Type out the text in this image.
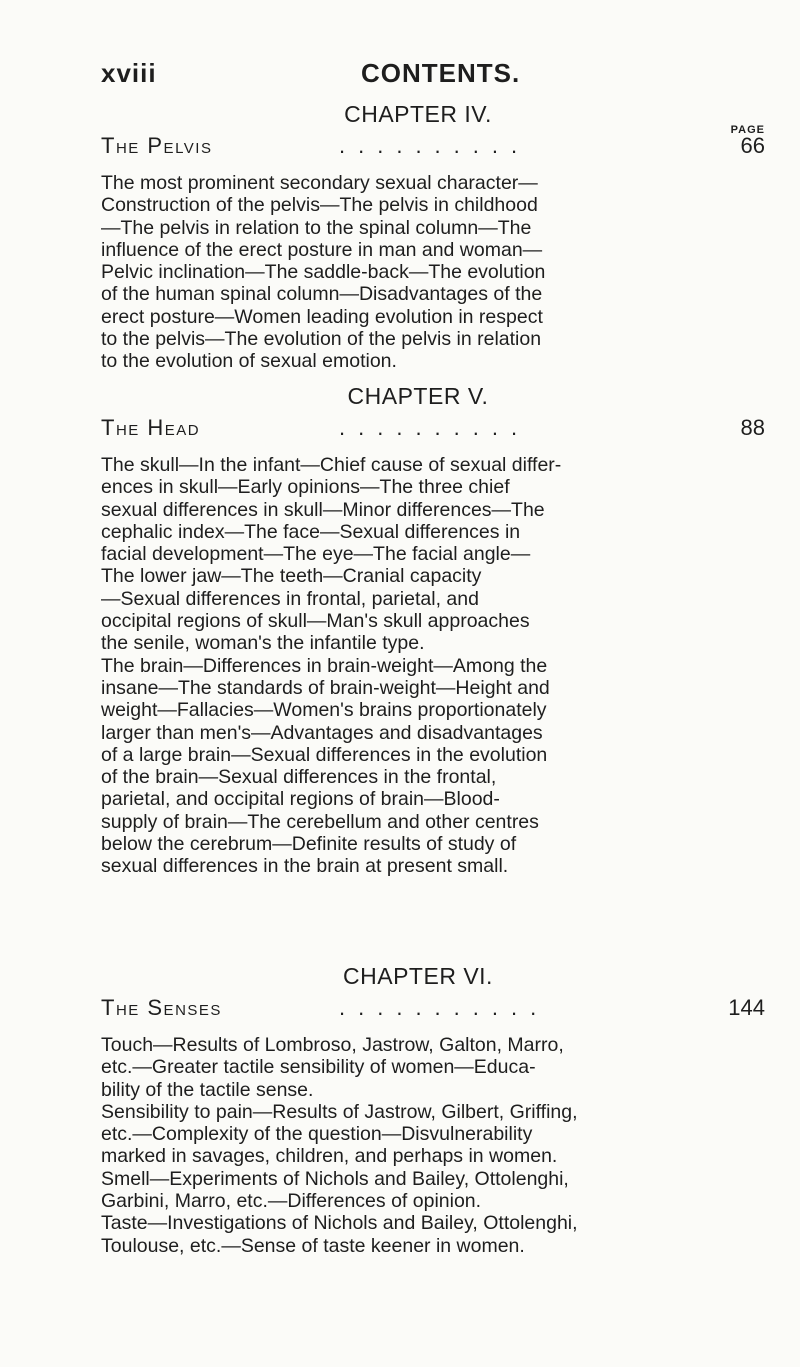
xviii	CONTENTS.
CHAPTER IV.
PAGE
The Pelvis	..........	66

The most prominent secondary sexual character—
Construction of the pelvis—The pelvis in childhood
—The pelvis in relation to the spinal column—The
influence of the erect posture in man and woman—
Pelvic inclination—The saddle-back—The evolution
of the human spinal column—Disadvantages of the
erect posture—Women leading evolution in respect
to the pelvis—The evolution of the pelvis in relation
to the evolution of sexual emotion.

CHAPTER V.
The Head	..........	88

The skull—In the infant—Chief cause of sexual differ-
ences in skull—Early opinions—The three chief
sexual differences in skull—Minor differences—The
cephalic index—The face—Sexual differences in
facial development—The eye—The facial angle—
The lower jaw—The teeth—Cranial capacity
—Sexual differences in frontal, parietal, and
occipital regions of skull—Man's skull approaches
the senile, woman's the infantile type.

The brain—Differences in brain-weight—Among the
insane—The standards of brain-weight—Height and
weight—Fallacies—Women's brains proportionately
larger than men's—Advantages and disadvantages
of a large brain—Sexual differences in the evolution
of the brain—Sexual differences in the frontal,
parietal, and occipital regions of brain—Blood-
supply of brain—The cerebellum and other centres
below the cerebrum—Definite results of study of
sexual differences in the brain at present small.

CHAPTER VI.
The Senses	...........	144

Touch—Results of Lombroso, Jastrow, Galton, Marro,
etc.—Greater tactile sensibility of women—Educa-
bility of the tactile sense.

Sensibility to pain—Results of Jastrow, Gilbert, Griffing,
etc.—Complexity of the question—Disvulnerability
marked in savages, children, and perhaps in women.

Smell—Experiments of Nichols and Bailey, Ottolenghi,
Garbini, Marro, etc.—Differences of opinion.

Taste—Investigations of Nichols and Bailey, Ottolenghi,
Toulouse, etc.—Sense of taste keener in women.
